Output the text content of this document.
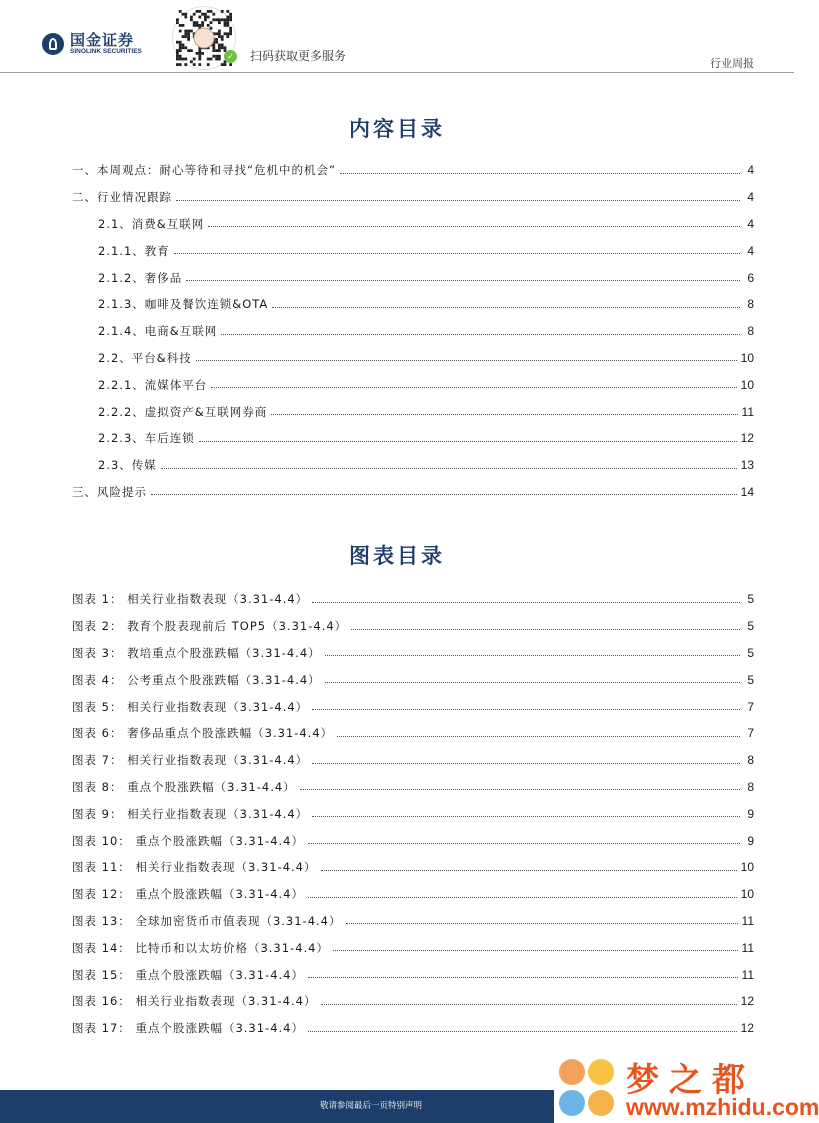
国金证券
SINOLINK SECURITIES
✓ 扫码获取更多服务
行业周报
内容目录
一、本周观点：耐心等待和寻找“危机中的机会”	4
二、行业情况跟踪	4
2.1、消费&互联网	4
2.1.1、教育	4
2.1.2、奢侈品	6
2.1.3、咖啡及餐饮连锁&OTA	8
2.1.4、电商&互联网	8
2.2、平台&科技	10
2.2.1、流媒体平台	10
2.2.2、虚拟资产&互联网券商	11
2.2.3、车后连锁	12
2.3、传媒	13
三、风险提示	14
图表目录
图表 1： 相关行业指数表现（3.31-4.4）	5
图表 2： 教育个股表现前后 TOP5（3.31-4.4）	5
图表 3： 教培重点个股涨跌幅（3.31-4.4）	5
图表 4： 公考重点个股涨跌幅（3.31-4.4）	5
图表 5： 相关行业指数表现（3.31-4.4）	7
图表 6： 奢侈品重点个股涨跌幅（3.31-4.4）	7
图表 7： 相关行业指数表现（3.31-4.4）	8
图表 8： 重点个股涨跌幅（3.31-4.4）	8
图表 9： 相关行业指数表现（3.31-4.4）	9
图表 10： 重点个股涨跌幅（3.31-4.4）	9
图表 11： 相关行业指数表现（3.31-4.4）	10
图表 12： 重点个股涨跌幅（3.31-4.4）	10
图表 13： 全球加密货币市值表现（3.31-4.4）	11
图表 14： 比特币和以太坊价格（3.31-4.4）	11
图表 15： 重点个股涨跌幅（3.31-4.4）	11
图表 16： 相关行业指数表现（3.31-4.4）	12
图表 17： 重点个股涨跌幅（3.31-4.4）	12
敬请参阅最后一页特别声明
梦之都
www.mzhidu.com
